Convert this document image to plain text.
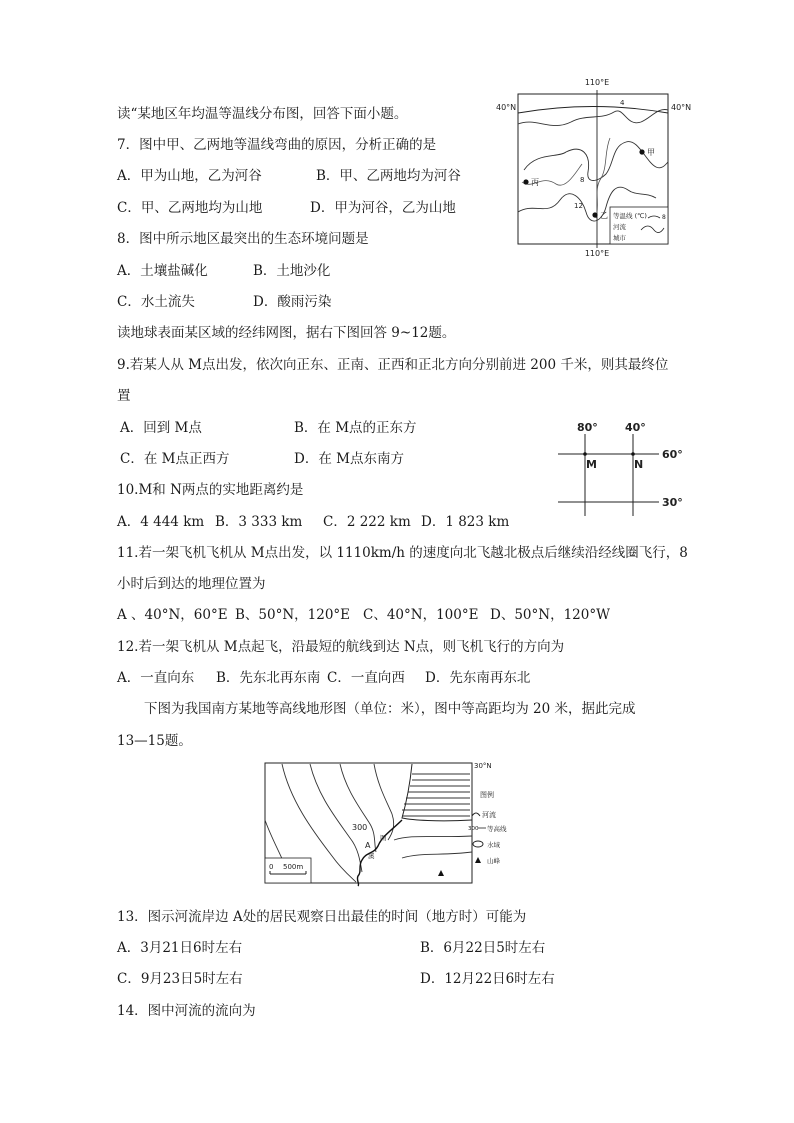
读“某地区年均温等温线分布图，回答下面小题。
7．图中甲、乙两地等温线弯曲的原因，分析正确的是
A．甲为山地，乙为河谷	B．甲、乙两地均为河谷
C．甲、乙两地均为山地	D．甲为河谷，乙为山地
8．图中所示地区最突出的生态环境问题是
A．土壤盐碱化	B．土地沙化
C．水土流失	D．酸雨污染
读地球表面某区域的经纬网图，据右下图回答 9~12题。
9.若某人从 M点出发，依次向正东、正南、正西和正北方向分别前进 200 千米，则其最终位
置
A．回到 M点	B．在 M点的正东方
C．在 M点正西方	D．在 M点东南方
10.M和 N两点的实地距离约是
A．4 444 km B．3 333 km C．2 222 km D．1 823 km
11.若一架飞机飞机从 M点出发，以 1110km/h 的速度向北飞越北极点后继续沿经线圈飞行，8
小时后到达的地理位置为
A 、40°N，60°E B、50°N，120°E C、40°N，100°E D、50°N，120°W
12.若一架飞机从 M点起飞，沿最短的航线到达 N点，则飞机飞行的方向为
A．一直向东 B．先东北再东南 C．一直向西 D．先东南再东北
下图为我国南方某地等高线地形图（单位：米），图中等高距均为 20 米，据此完成
13—15题。
13．图示河流岸边 A处的居民观察日出最佳的时间（地方时）可能为
A．3月21日6时左右	B．6月22日5时左右
C．9月23日5时左右	D．12月22日6时左右
14．图中河流的流向为
110°E
110°E
40°N	40°N
4
8
12
甲
乙
丙
等温线 (℃)	8
河流
城市
80° 40°
60°
30°
M	N
300
A
溪
图
0 500m
30°N
图例
河流
300 等高线
水域
山峰
